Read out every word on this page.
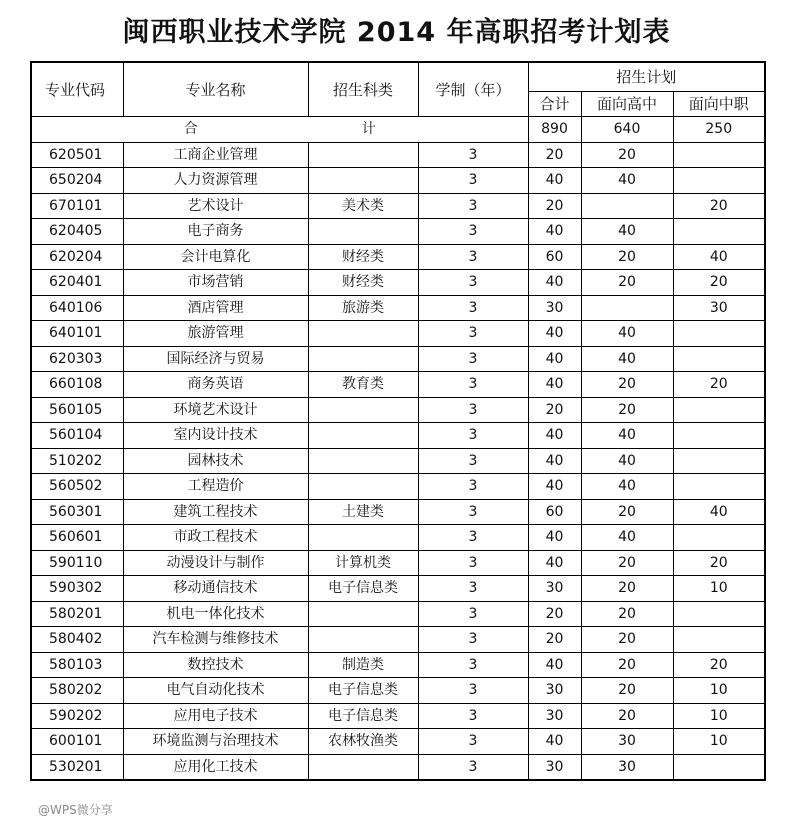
闽西职业技术学院 2014 年高职招考计划表
专业代码	专业名称	招生科类	学制（年）	招生计划		
				合计	面向高中	面向中职
合 计				890	640	250
620501	工商企业管理		3	20	20	
650204	人力资源管理		3	40	40	
670101	艺术设计	美术类	3	20		20
620405	电子商务		3	40	40	
620204	会计电算化	财经类	3	60	20	40
620401	市场营销	财经类	3	40	20	20
640106	酒店管理	旅游类	3	30		30
640101	旅游管理		3	40	40	
620303	国际经济与贸易		3	40	40	
660108	商务英语	教育类	3	40	20	20
560105	环境艺术设计		3	20	20	
560104	室内设计技术		3	40	40	
510202	园林技术		3	40	40	
560502	工程造价		3	40	40	
560301	建筑工程技术	土建类	3	60	20	40
560601	市政工程技术		3	40	40	
590110	动漫设计与制作	计算机类	3	40	20	20
590302	移动通信技术	电子信息类	3	30	20	10
580201	机电一体化技术		3	20	20	
580402	汽车检测与维修技术		3	20	20	
580103	数控技术	制造类	3	40	20	20
580202	电气自动化技术	电子信息类	3	30	20	10
590202	应用电子技术	电子信息类	3	30	20	10
600101	环境监测与治理技术	农林牧渔类	3	40	30	10
530201	应用化工技术		3	30	30	
@WPS微分享
